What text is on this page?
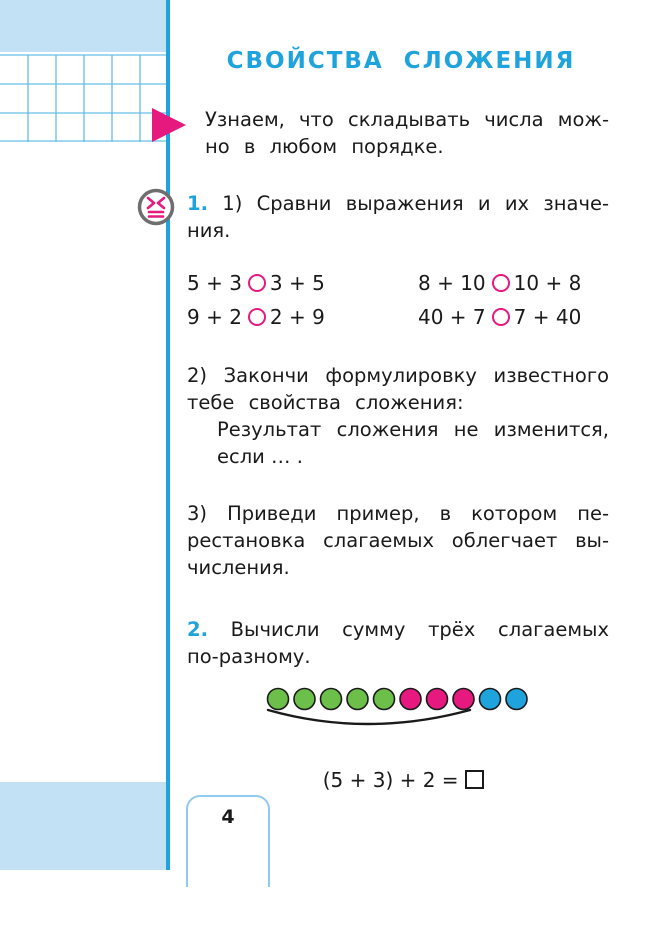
4
СВОЙСТВА  СЛОЖЕНИЯ
Узнаем, что складывать числа мож-
но в любом порядке.
1. 1) Сравни выражения и их значе-
ния.
5 + 3 3 + 5	8 + 10 10 + 8
9 + 2 2 + 9	40 + 7 7 + 40
2) Закончи формулировку известного
тебе свойства сложения:
Результат сложения не изменится,
если … .
3) Приведи пример, в котором пе-
рестановка слагаемых облегчает вы-
числения.
2. Вычисли сумму трёх слагаемых
по-разному.

(5 + 3) + 2 =
